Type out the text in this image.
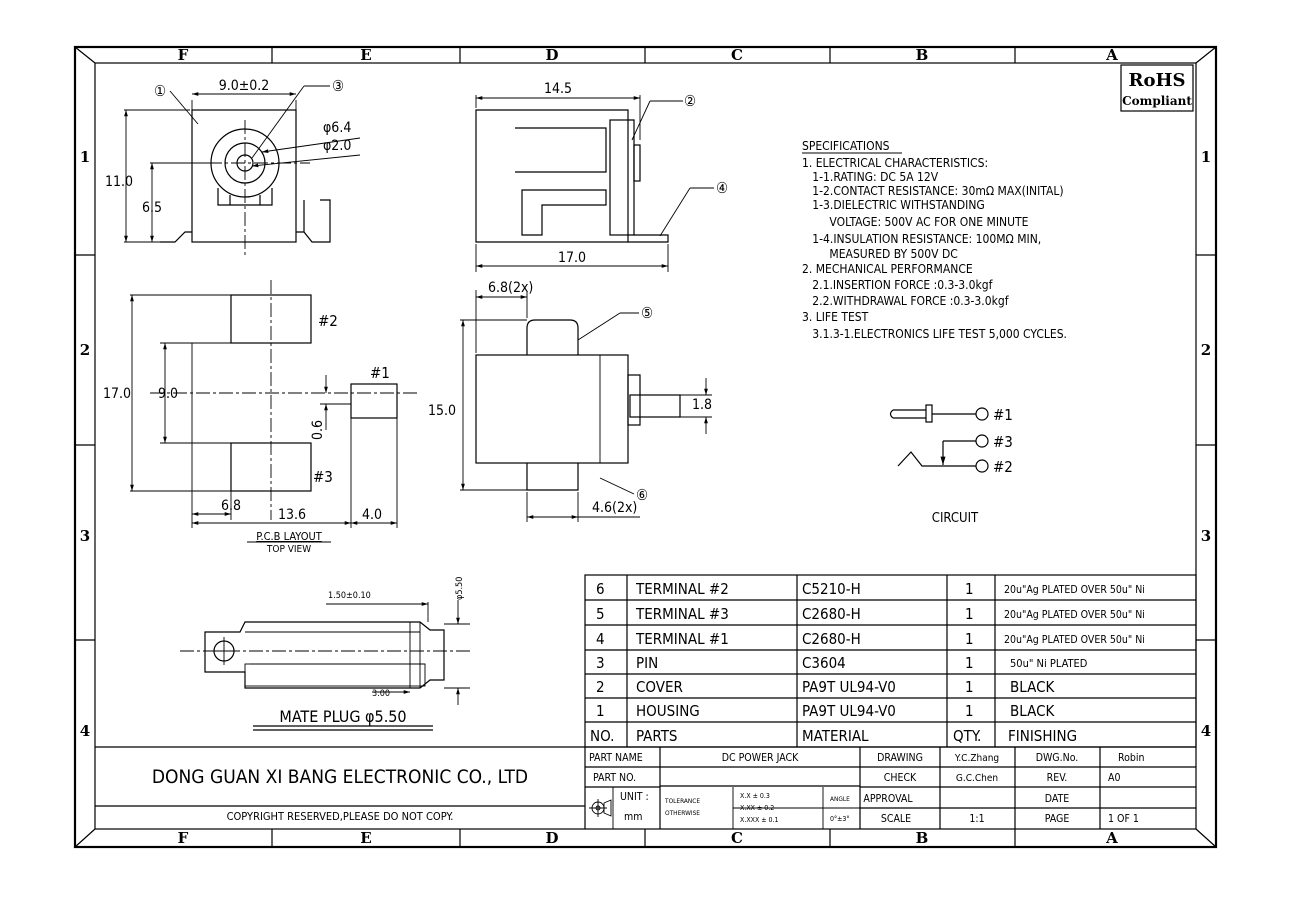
F	E	D	C	B	A
F	E	D	C	B	A
1
2
3
4
1
2
3
4
RoHS
Compliant
9.0±0.2
11.0
6.5
φ6.4
φ2.0
①	③	14.5
17.0
②
④
17.0 9.0
0.6
6.8
13.6	4.0
#2
#1
#3
P.C.B LAYOUT
TOP VIEW
6.8(2x)
15.0	1.8
4.6(2x)
⑤
⑥
SPECIFICATIONS
1. ELECTRICAL CHARACTERISTICS:
1-1.RATING: DC 5A 12V
1-2.CONTACT RESISTANCE: 30mΩ MAX(INITAL)
1-3.DIELECTRIC WITHSTANDING
VOLTAGE: 500V AC FOR ONE MINUTE
1-4.INSULATION RESISTANCE: 100MΩ MIN,
MEASURED BY 500V DC
2. MECHANICAL PERFORMANCE
2.1.INSERTION FORCE :0.3-3.0kgf
2.2.WITHDRAWAL FORCE :0.3-3.0kgf
3. LIFE TEST
3.1.3-1.ELECTRONICS LIFE TEST 5,000 CYCLES.
#1
#3
#2
CIRCUIT
1.50±0.10	φ5.50
3.00
MATE PLUG φ5.50
6 TERMINAL #2	C5210-H	1	20u"Ag PLATED OVER 50u" Ni
5 TERMINAL #3	C2680-H	1	20u"Ag PLATED OVER 50u" Ni
4 TERMINAL #1	C2680-H	1	20u"Ag PLATED OVER 50u" Ni
3 PIN	C3604	1	50u" Ni PLATED
2 COVER	PA9T UL94-V0	1 BLACK
1 HOUSING	PA9T UL94-V0	1 BLACK
NO. PARTS	MATERIAL	QTY. FINISHING
DONG GUAN XI BANG ELECTRONIC CO., LTD
COPYRIGHT RESERVED,PLEASE DO NOT COPY.
PART NAME	DC POWER JACK
PART NO.
UNIT :
mm
TOLERANCE
OTHERWISE
X.X ± 0.3
X.XX ± 0.2
X.XXX ± 0.1
ANGLE
0°±3°
DRAWING	Y.C.Zhang
CHECK	G.C.Chen
APPROVAL
SCALE	1:1
DWG.No.	Robin
REV.	A0
DATE
PAGE	1 OF 1
